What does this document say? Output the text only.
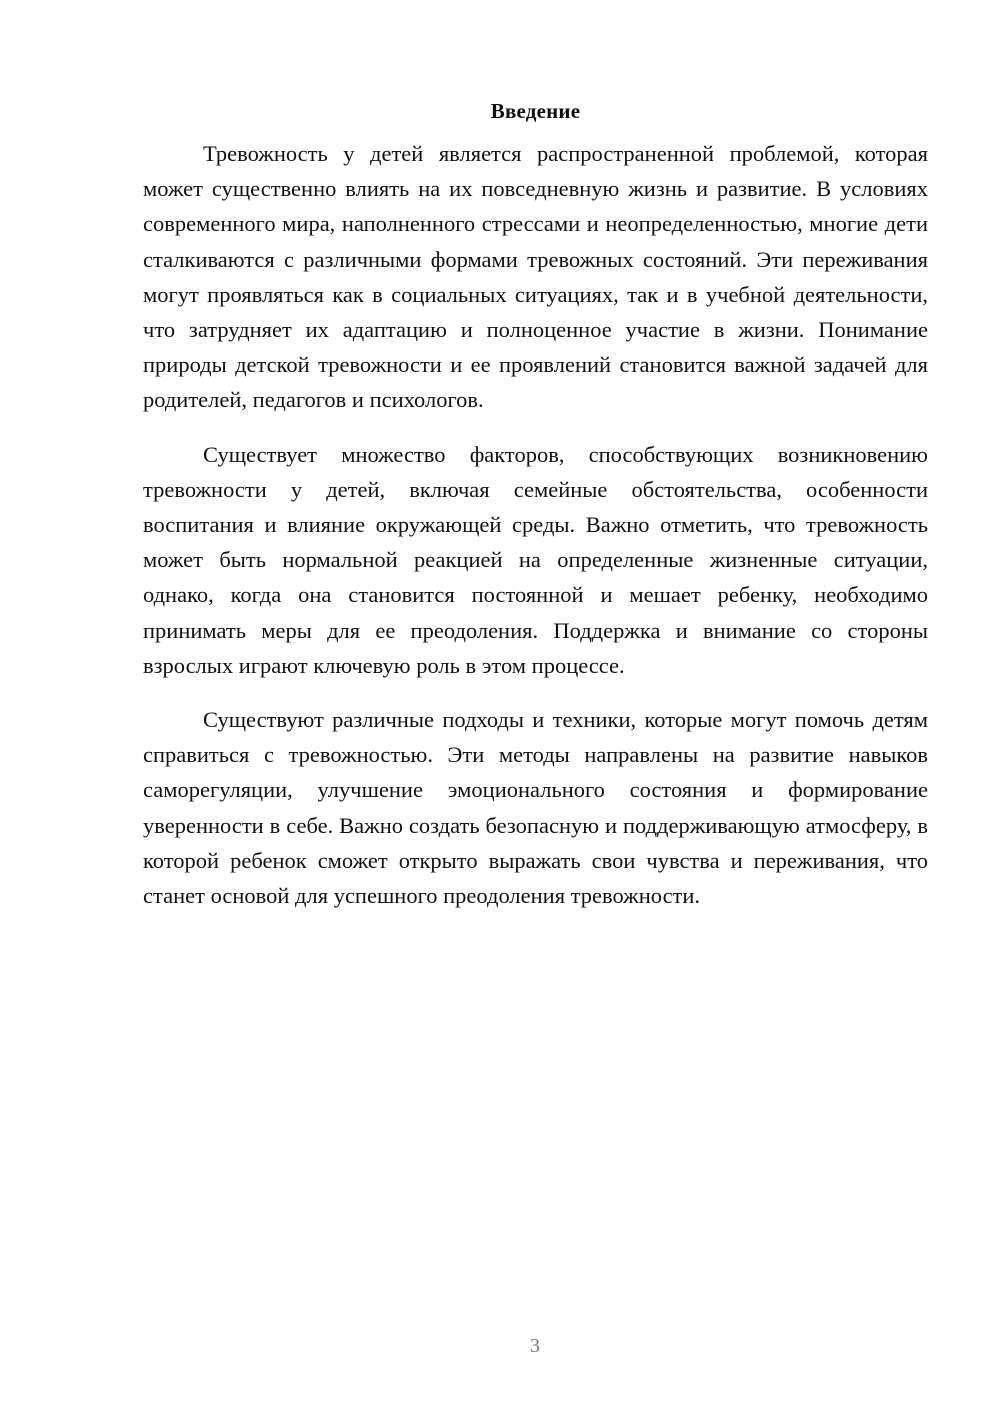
Введение

Тревожность у детей является распространенной проблемой, которая может существенно влиять на их повседневную жизнь и развитие. В условиях современного мира, наполненного стрессами и неопределенностью, многие дети сталкиваются с различными формами тревожных состояний. Эти переживания могут проявляться как в социальных ситуациях, так и в учебной деятельности, что затрудняет их адаптацию и полноценное участие в жизни. Понимание природы детской тревожности и ее проявлений становится важной задачей для родителей, педагогов и психологов.

Существует множество факторов, способствующих возникновению тревожности у детей, включая семейные обстоятельства, особенности воспитания и влияние окружающей среды. Важно отметить, что тревожность может быть нормальной реакцией на определенные жизненные ситуации, однако, когда она становится постоянной и мешает ребенку, необходимо принимать меры для ее преодоления. Поддержка и внимание со стороны взрослых играют ключевую роль в этом процессе.

Существуют различные подходы и техники, которые могут помочь детям справиться с тревожностью. Эти методы направлены на развитие навыков саморегуляции, улучшение эмоционального состояния и формирование уверенности в себе. Важно создать безопасную и поддерживающую атмосферу, в которой ребенок сможет открыто выражать свои чувства и переживания, что станет основой для успешного преодоления тревожности.

3
